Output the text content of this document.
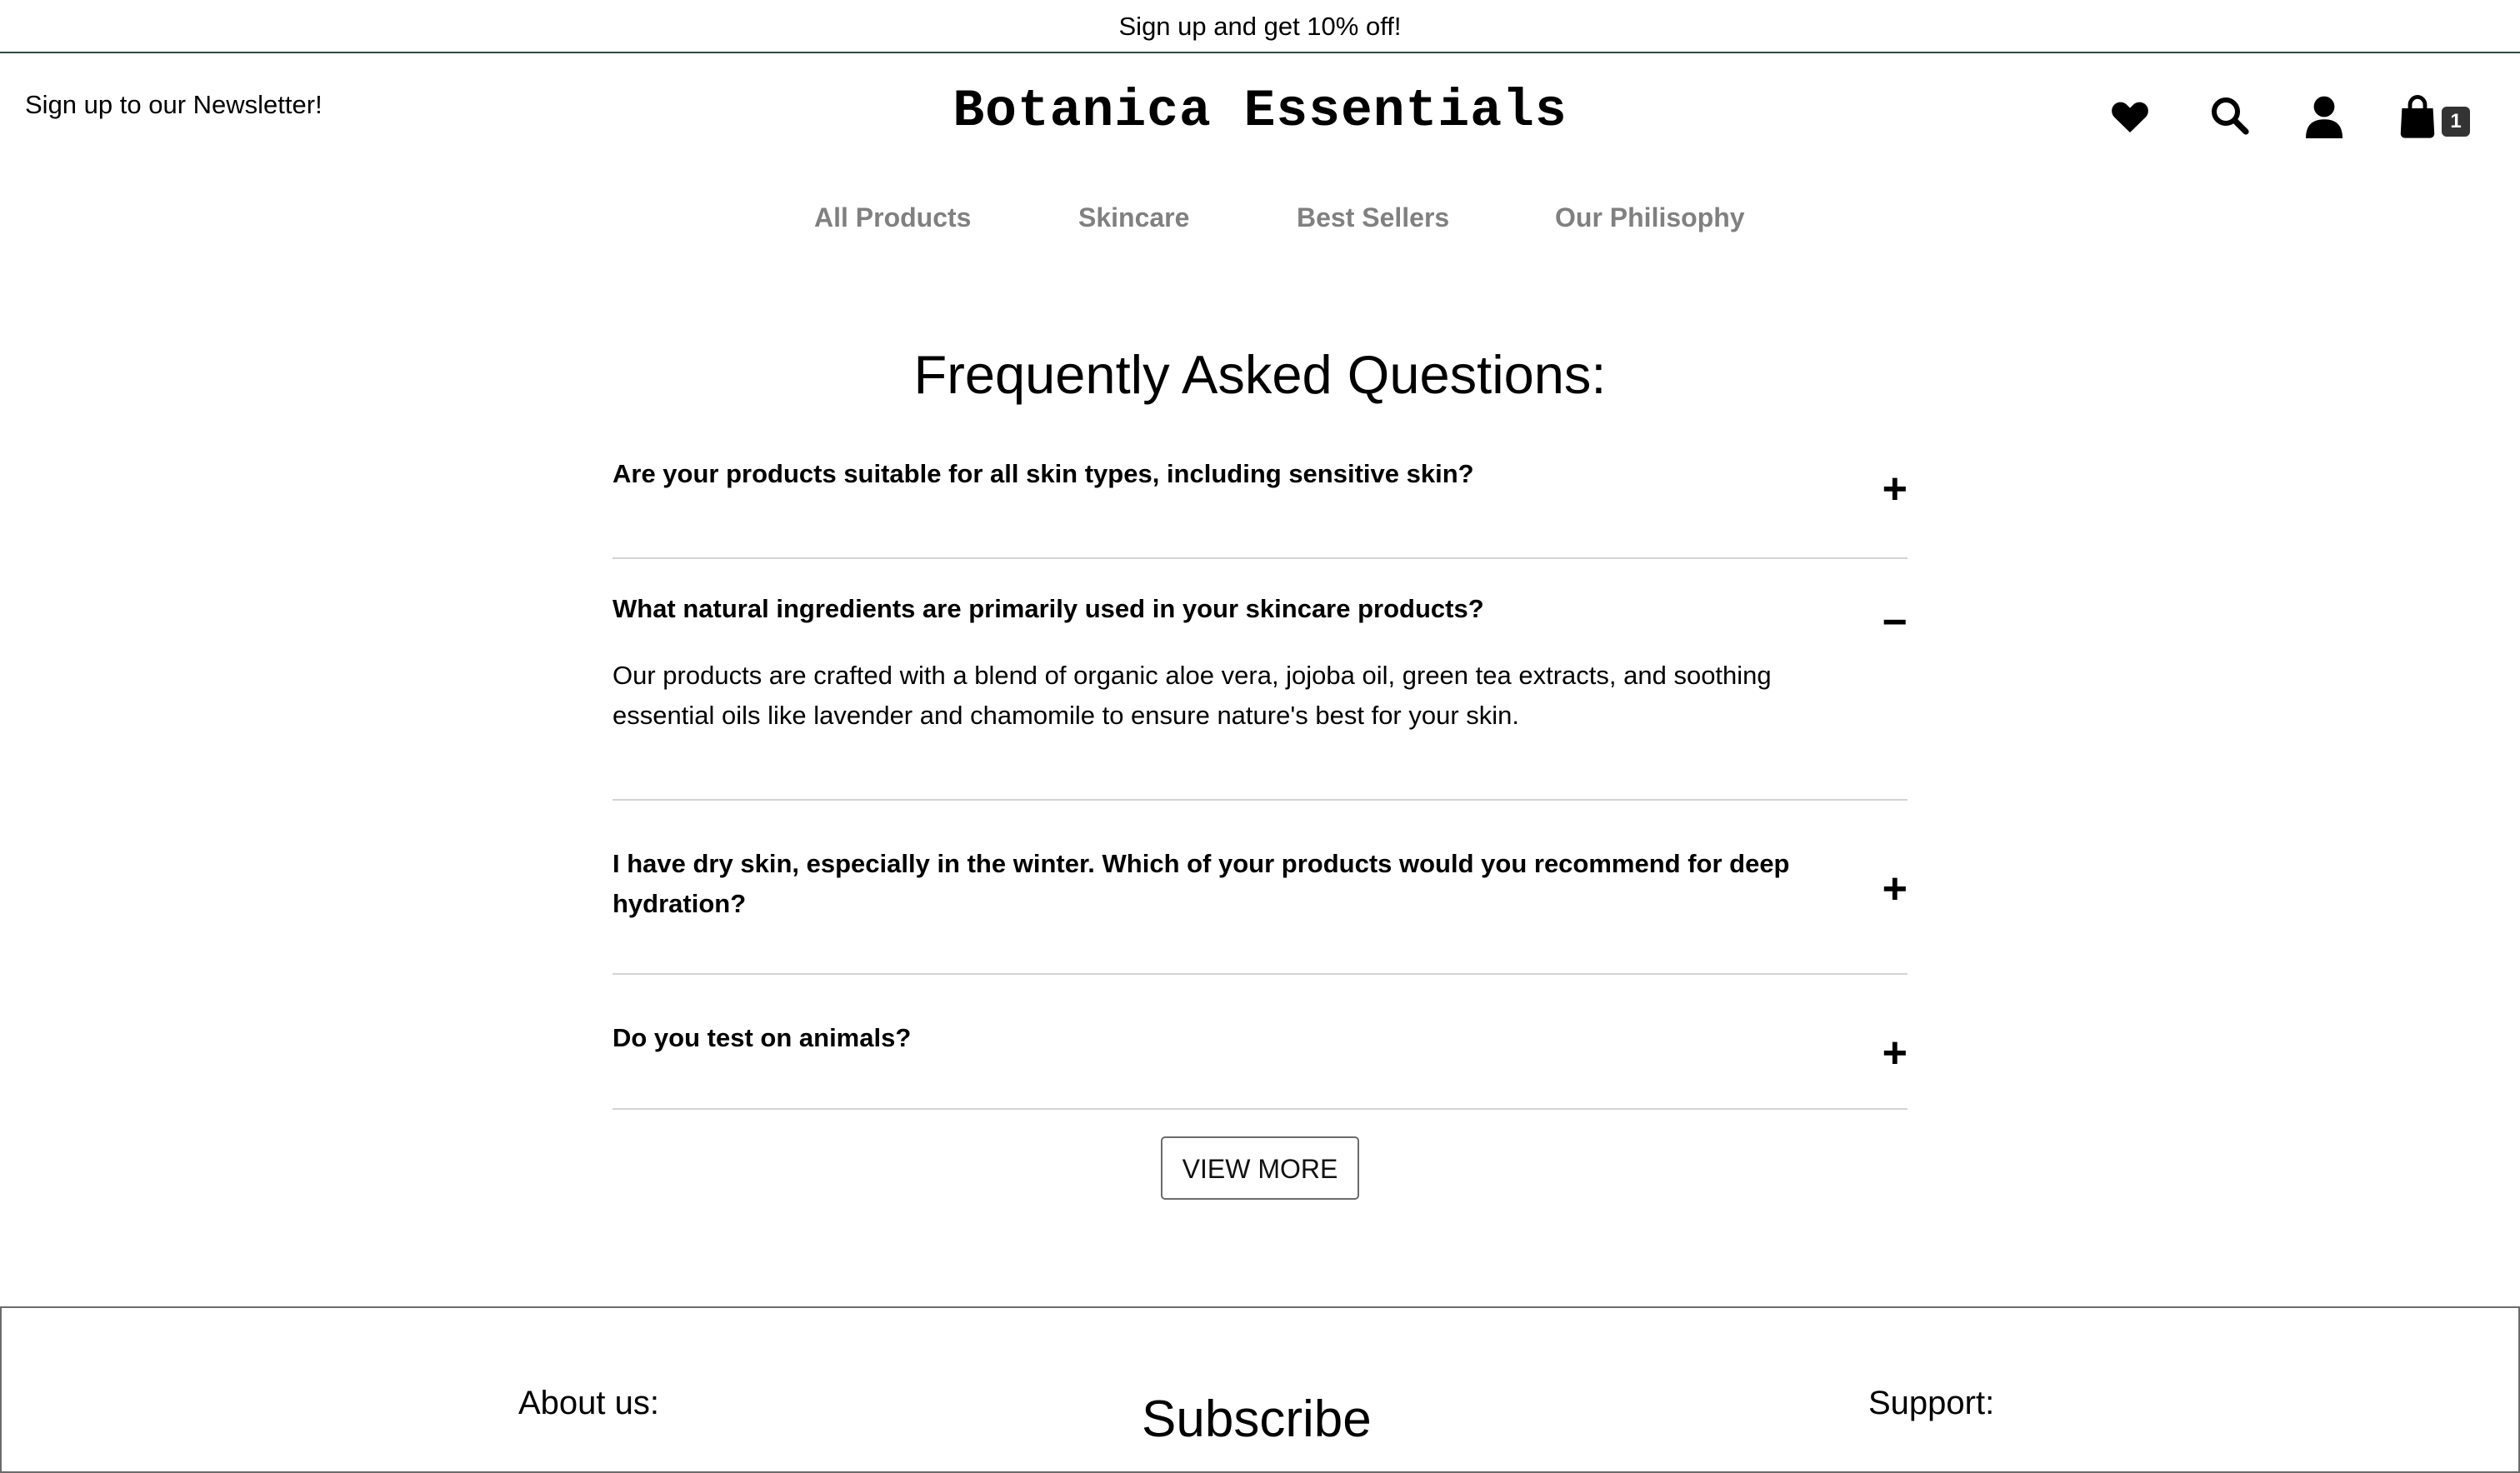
Sign up and get 10% off!
Sign up to our Newsletter!	Botanica Essentials	1
All Products	Skincare	Best Sellers	Our Philisophy
Frequently Asked Questions:
Are your products suitable for all skin types, including sensitive skin?	+
What natural ingredients are primarily used in your skincare products?	−
Our products are crafted with a blend of organic aloe vera, jojoba oil, green tea extracts, and soothing essential oils like lavender and chamomile to ensure nature's best for your skin.
I have dry skin, especially in the winter. Which of your products would you recommend for deep hydration?	+
Do you test on animals?	+
VIEW MORE
About us:	Subscribe	Support:
